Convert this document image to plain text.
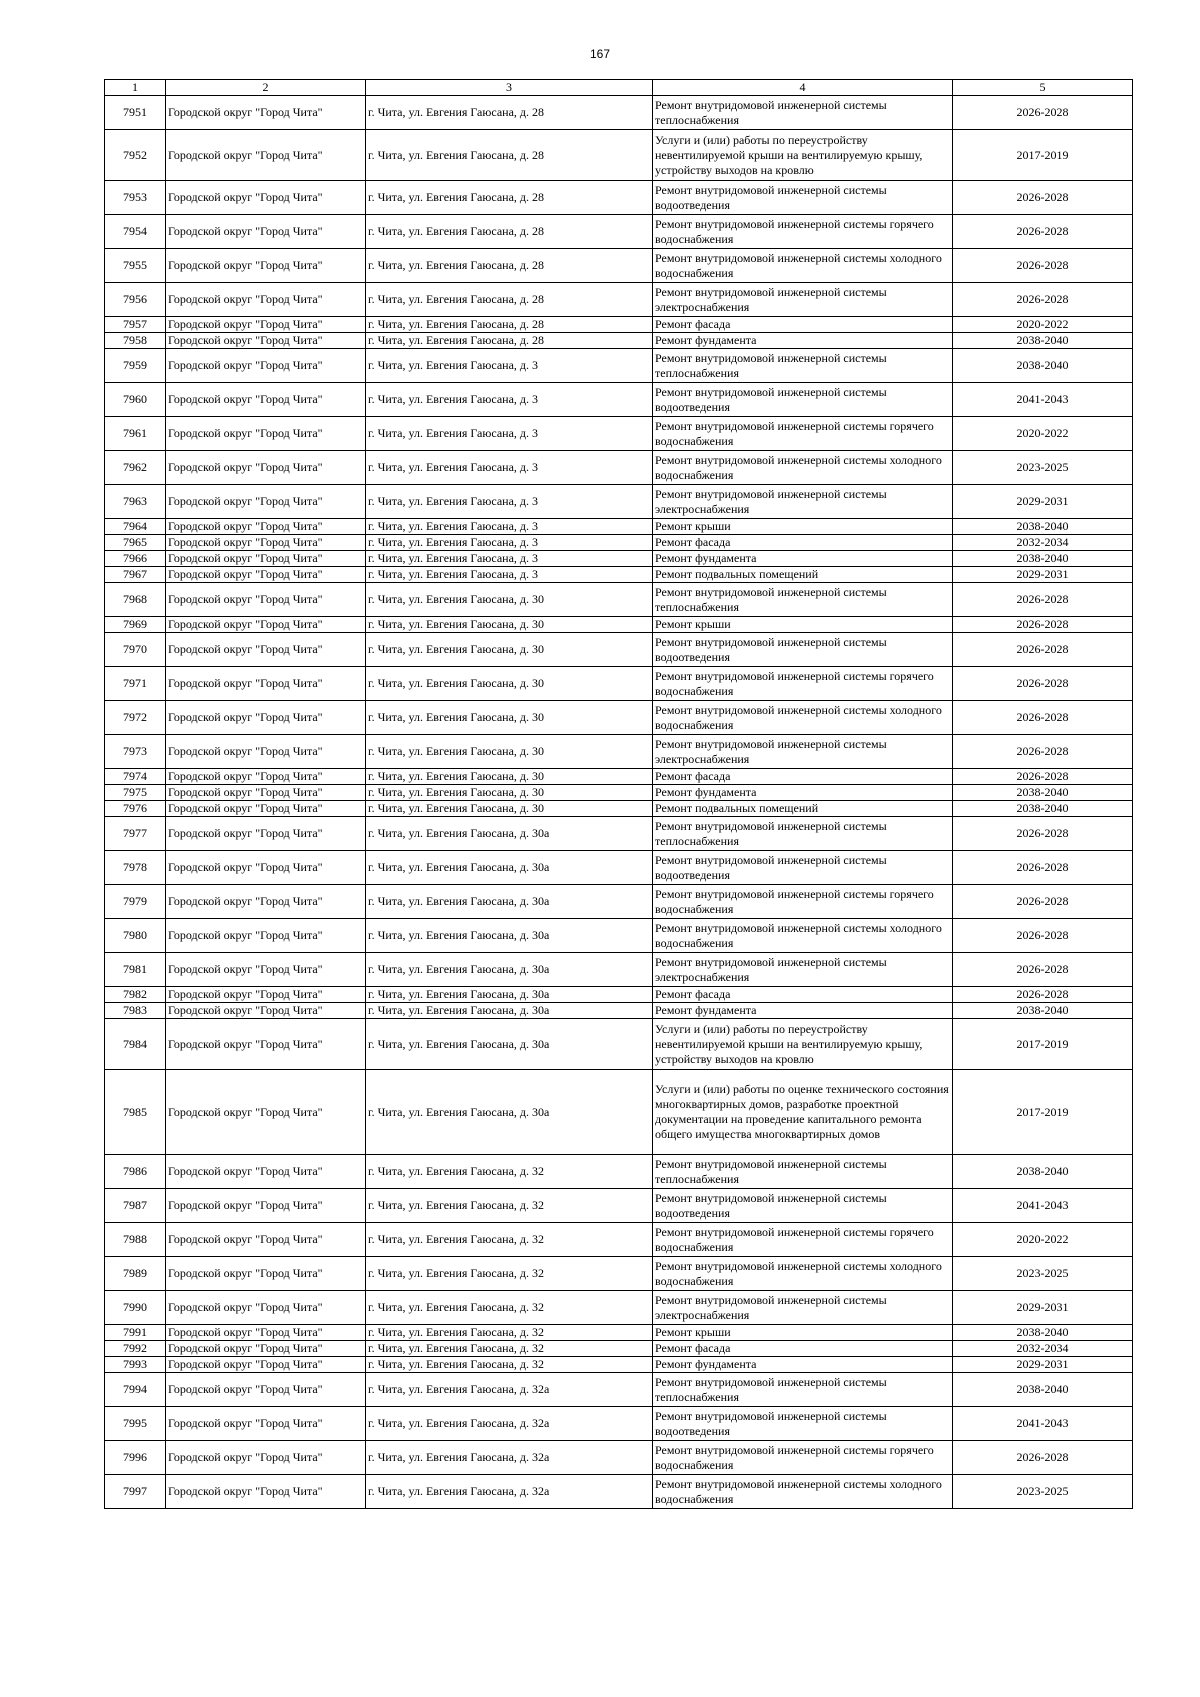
167
1	2	3	4	5
7951	Городской округ "Город Чита"	г. Чита, ул. Евгения Гаюсана, д. 28	Ремонт внутридомовой инженерной системы теплоснабжения	2026-2028
7952	Городской округ "Город Чита"	г. Чита, ул. Евгения Гаюсана, д. 28	Услуги и (или) работы по переустройству невентилируемой крыши на вентилируемую крышу, устройству выходов на кровлю	2017-2019
7953	Городской округ "Город Чита"	г. Чита, ул. Евгения Гаюсана, д. 28	Ремонт внутридомовой инженерной системы водоотведения	2026-2028
7954	Городской округ "Город Чита"	г. Чита, ул. Евгения Гаюсана, д. 28	Ремонт внутридомовой инженерной системы горячего водоснабжения	2026-2028
7955	Городской округ "Город Чита"	г. Чита, ул. Евгения Гаюсана, д. 28	Ремонт внутридомовой инженерной системы холодного водоснабжения	2026-2028
7956	Городской округ "Город Чита"	г. Чита, ул. Евгения Гаюсана, д. 28	Ремонт внутридомовой инженерной системы электроснабжения	2026-2028
7957	Городской округ "Город Чита"	г. Чита, ул. Евгения Гаюсана, д. 28	Ремонт фасада	2020-2022
7958	Городской округ "Город Чита"	г. Чита, ул. Евгения Гаюсана, д. 28	Ремонт фундамента	2038-2040
7959	Городской округ "Город Чита"	г. Чита, ул. Евгения Гаюсана, д. 3	Ремонт внутридомовой инженерной системы теплоснабжения	2038-2040
7960	Городской округ "Город Чита"	г. Чита, ул. Евгения Гаюсана, д. 3	Ремонт внутридомовой инженерной системы водоотведения	2041-2043
7961	Городской округ "Город Чита"	г. Чита, ул. Евгения Гаюсана, д. 3	Ремонт внутридомовой инженерной системы горячего водоснабжения	2020-2022
7962	Городской округ "Город Чита"	г. Чита, ул. Евгения Гаюсана, д. 3	Ремонт внутридомовой инженерной системы холодного водоснабжения	2023-2025
7963	Городской округ "Город Чита"	г. Чита, ул. Евгения Гаюсана, д. 3	Ремонт внутридомовой инженерной системы электроснабжения	2029-2031
7964	Городской округ "Город Чита"	г. Чита, ул. Евгения Гаюсана, д. 3	Ремонт крыши	2038-2040
7965	Городской округ "Город Чита"	г. Чита, ул. Евгения Гаюсана, д. 3	Ремонт фасада	2032-2034
7966	Городской округ "Город Чита"	г. Чита, ул. Евгения Гаюсана, д. 3	Ремонт фундамента	2038-2040
7967	Городской округ "Город Чита"	г. Чита, ул. Евгения Гаюсана, д. 3	Ремонт подвальных помещений	2029-2031
7968	Городской округ "Город Чита"	г. Чита, ул. Евгения Гаюсана, д. 30	Ремонт внутридомовой инженерной системы теплоснабжения	2026-2028
7969	Городской округ "Город Чита"	г. Чита, ул. Евгения Гаюсана, д. 30	Ремонт крыши	2026-2028
7970	Городской округ "Город Чита"	г. Чита, ул. Евгения Гаюсана, д. 30	Ремонт внутридомовой инженерной системы водоотведения	2026-2028
7971	Городской округ "Город Чита"	г. Чита, ул. Евгения Гаюсана, д. 30	Ремонт внутридомовой инженерной системы горячего водоснабжения	2026-2028
7972	Городской округ "Город Чита"	г. Чита, ул. Евгения Гаюсана, д. 30	Ремонт внутридомовой инженерной системы холодного водоснабжения	2026-2028
7973	Городской округ "Город Чита"	г. Чита, ул. Евгения Гаюсана, д. 30	Ремонт внутридомовой инженерной системы электроснабжения	2026-2028
7974	Городской округ "Город Чита"	г. Чита, ул. Евгения Гаюсана, д. 30	Ремонт фасада	2026-2028
7975	Городской округ "Город Чита"	г. Чита, ул. Евгения Гаюсана, д. 30	Ремонт фундамента	2038-2040
7976	Городской округ "Город Чита"	г. Чита, ул. Евгения Гаюсана, д. 30	Ремонт подвальных помещений	2038-2040
7977	Городской округ "Город Чита"	г. Чита, ул. Евгения Гаюсана, д. 30а	Ремонт внутридомовой инженерной системы теплоснабжения	2026-2028
7978	Городской округ "Город Чита"	г. Чита, ул. Евгения Гаюсана, д. 30а	Ремонт внутридомовой инженерной системы водоотведения	2026-2028
7979	Городской округ "Город Чита"	г. Чита, ул. Евгения Гаюсана, д. 30а	Ремонт внутридомовой инженерной системы горячего водоснабжения	2026-2028
7980	Городской округ "Город Чита"	г. Чита, ул. Евгения Гаюсана, д. 30а	Ремонт внутридомовой инженерной системы холодного водоснабжения	2026-2028
7981	Городской округ "Город Чита"	г. Чита, ул. Евгения Гаюсана, д. 30а	Ремонт внутридомовой инженерной системы электроснабжения	2026-2028
7982	Городской округ "Город Чита"	г. Чита, ул. Евгения Гаюсана, д. 30а	Ремонт фасада	2026-2028
7983	Городской округ "Город Чита"	г. Чита, ул. Евгения Гаюсана, д. 30а	Ремонт фундамента	2038-2040
7984	Городской округ "Город Чита"	г. Чита, ул. Евгения Гаюсана, д. 30а	Услуги и (или) работы по переустройству невентилируемой крыши на вентилируемую крышу, устройству выходов на кровлю	2017-2019
7985	Городской округ "Город Чита"	г. Чита, ул. Евгения Гаюсана, д. 30а	Услуги и (или) работы по оценке технического состояния многоквартирных домов, разработке проектной документации на проведение капитального ремонта общего имущества многоквартирных домов	2017-2019
7986	Городской округ "Город Чита"	г. Чита, ул. Евгения Гаюсана, д. 32	Ремонт внутридомовой инженерной системы теплоснабжения	2038-2040
7987	Городской округ "Город Чита"	г. Чита, ул. Евгения Гаюсана, д. 32	Ремонт внутридомовой инженерной системы водоотведения	2041-2043
7988	Городской округ "Город Чита"	г. Чита, ул. Евгения Гаюсана, д. 32	Ремонт внутридомовой инженерной системы горячего водоснабжения	2020-2022
7989	Городской округ "Город Чита"	г. Чита, ул. Евгения Гаюсана, д. 32	Ремонт внутридомовой инженерной системы холодного водоснабжения	2023-2025
7990	Городской округ "Город Чита"	г. Чита, ул. Евгения Гаюсана, д. 32	Ремонт внутридомовой инженерной системы электроснабжения	2029-2031
7991	Городской округ "Город Чита"	г. Чита, ул. Евгения Гаюсана, д. 32	Ремонт крыши	2038-2040
7992	Городской округ "Город Чита"	г. Чита, ул. Евгения Гаюсана, д. 32	Ремонт фасада	2032-2034
7993	Городской округ "Город Чита"	г. Чита, ул. Евгения Гаюсана, д. 32	Ремонт фундамента	2029-2031
7994	Городской округ "Город Чита"	г. Чита, ул. Евгения Гаюсана, д. 32а	Ремонт внутридомовой инженерной системы теплоснабжения	2038-2040
7995	Городской округ "Город Чита"	г. Чита, ул. Евгения Гаюсана, д. 32а	Ремонт внутридомовой инженерной системы водоотведения	2041-2043
7996	Городской округ "Город Чита"	г. Чита, ул. Евгения Гаюсана, д. 32а	Ремонт внутридомовой инженерной системы горячего водоснабжения	2026-2028
7997	Городской округ "Город Чита"	г. Чита, ул. Евгения Гаюсана, д. 32а	Ремонт внутридомовой инженерной системы холодного водоснабжения	2023-2025
